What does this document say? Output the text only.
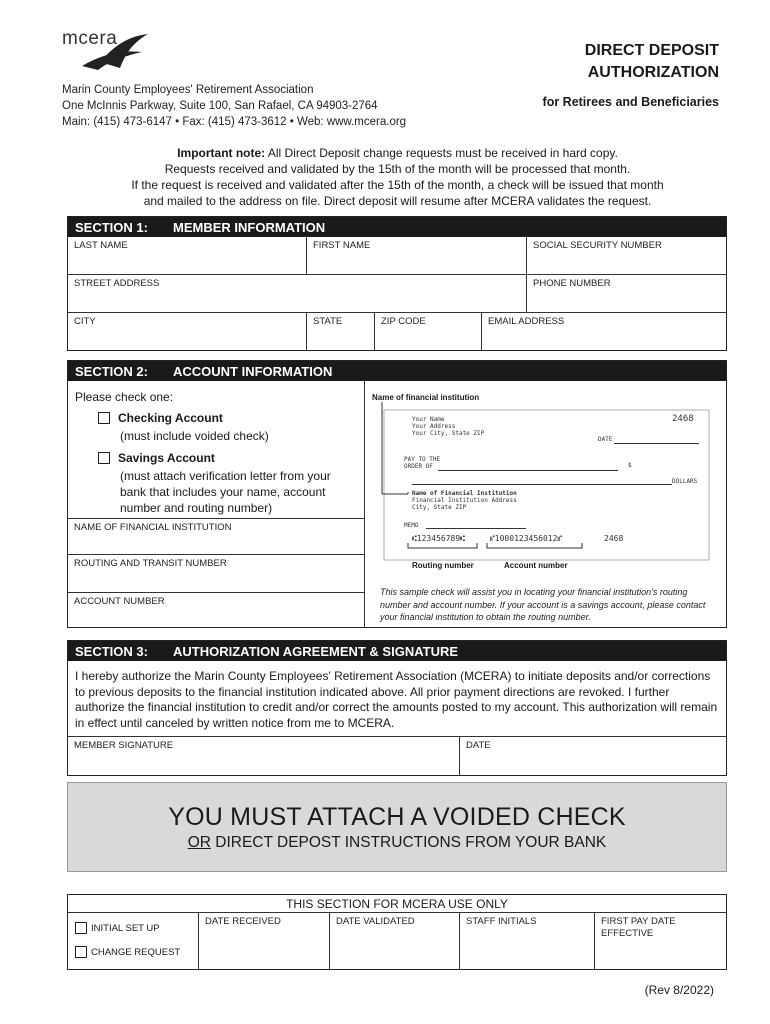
mcera
Marin County Employees' Retirement Association
One McInnis Parkway, Suite 100, San Rafael, CA 94903-2764
Main: (415) 473-6147 • Fax: (415) 473-3612 • Web: www.mcera.org
DIRECT DEPOSIT
AUTHORIZATION
for Retirees and Beneficiaries
Important note: All Direct Deposit change requests must be received in hard copy.
Requests received and validated by the 15th of the month will be processed that month.
If the request is received and validated after the 15th of the month, a check will be issued that month
and mailed to the address on file. Direct deposit will resume after MCERA validates the request.
SECTION 1:	MEMBER INFORMATION
LAST NAME	FIRST NAME	SOCIAL SECURITY NUMBER
STREET ADDRESS	PHONE NUMBER
CITY	STATE	ZIP CODE	EMAIL ADDRESS
SECTION 2:	ACCOUNT INFORMATION
Please check one:
Checking Account
(must include voided check)
Savings Account
(must attach verification letter from your
bank that includes your name, account
number and routing number)
NAME OF FINANCIAL INSTITUTION
ROUTING AND TRANSIT NUMBER
ACCOUNT NUMBER
Name of financial institution
Your Name
Your Address
Your City, State ZIP
2468
DATE
PAY TO THE
ORDER OF	$
DOLLARS
Name of Financial Institution
Financial Institution Address
City, State ZIP
MEMO
⑆123456789⑆	⑈1000123456012⑈	2468
Routing number	Account number
This sample check will assist you in locating your financial institution's routing number and account number. If your account is a savings account, please contact your financial institution to obtain the routing number.
SECTION 3:	AUTHORIZATION AGREEMENT & SIGNATURE
I hereby authorize the Marin County Employees' Retirement Association (MCERA) to initiate deposits and/or corrections to previous deposits to the financial institution indicated above. All prior payment directions are revoked. I further authorize the financial institution to credit and/or correct the amounts posted to my account. This authorization will remain in effect until canceled by written notice from me to MCERA.
MEMBER SIGNATURE	DATE
YOU MUST ATTACH A VOIDED CHECK
OR DIRECT DEPOST INSTRUCTIONS FROM YOUR BANK
THIS SECTION FOR MCERA USE ONLY
INITIAL SET UP
CHANGE REQUEST
DATE RECEIVED	DATE VALIDATED	STAFF INITIALS	FIRST PAY DATE EFFECTIVE
(Rev 8/2022)
